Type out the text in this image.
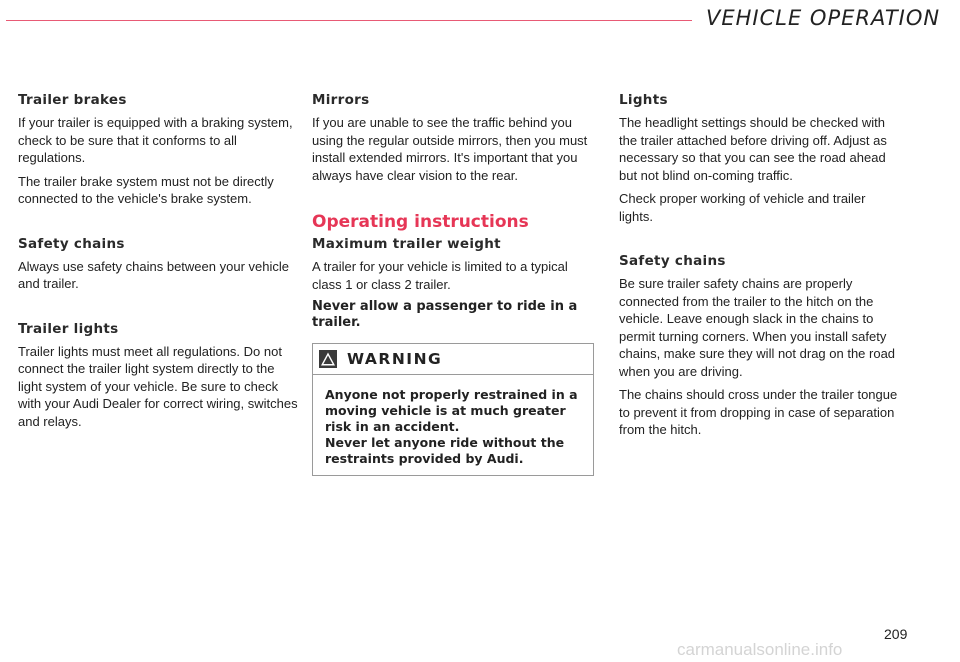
VEHICLE OPERATION
Trailer brakes

If your trailer is equipped with a braking system, check to be sure that it conforms to all regulations.

The trailer brake system must not be directly connected to the vehicle's brake system.

Safety chains

Always use safety chains between your vehicle and trailer.

Trailer lights

Trailer lights must meet all regulations. Do not connect the trailer light system directly to the light system of your vehicle. Be sure to check with your Audi Dealer for correct wiring, switches and relays.

Mirrors

If you are unable to see the traffic behind you using the regular outside mirrors, then you must install extended mirrors. It's important that you always have clear vision to the rear.

Operating instructions
Maximum trailer weight

A trailer for your vehicle is limited to a typical class 1 or class 2 trailer.

Never allow a passenger to ride in a trailer.
WARNING

Anyone not properly restrained in a moving vehicle is at much greater risk in an accident.

Never let anyone ride without the restraints provided by Audi.

Lights

The headlight settings should be checked with the trailer attached before driving off. Adjust as necessary so that you can see the road ahead but not blind on-coming traffic.

Check proper working of vehicle and trailer lights.

Safety chains

Be sure trailer safety chains are properly connected from the trailer to the hitch on the vehicle. Leave enough slack in the chains to permit turning corners. When you install safety chains, make sure they will not drag on the road when you are driving.

The chains should cross under the trailer tongue to prevent it from dropping in case of separation from the hitch.

carmanualsonline.info
209
